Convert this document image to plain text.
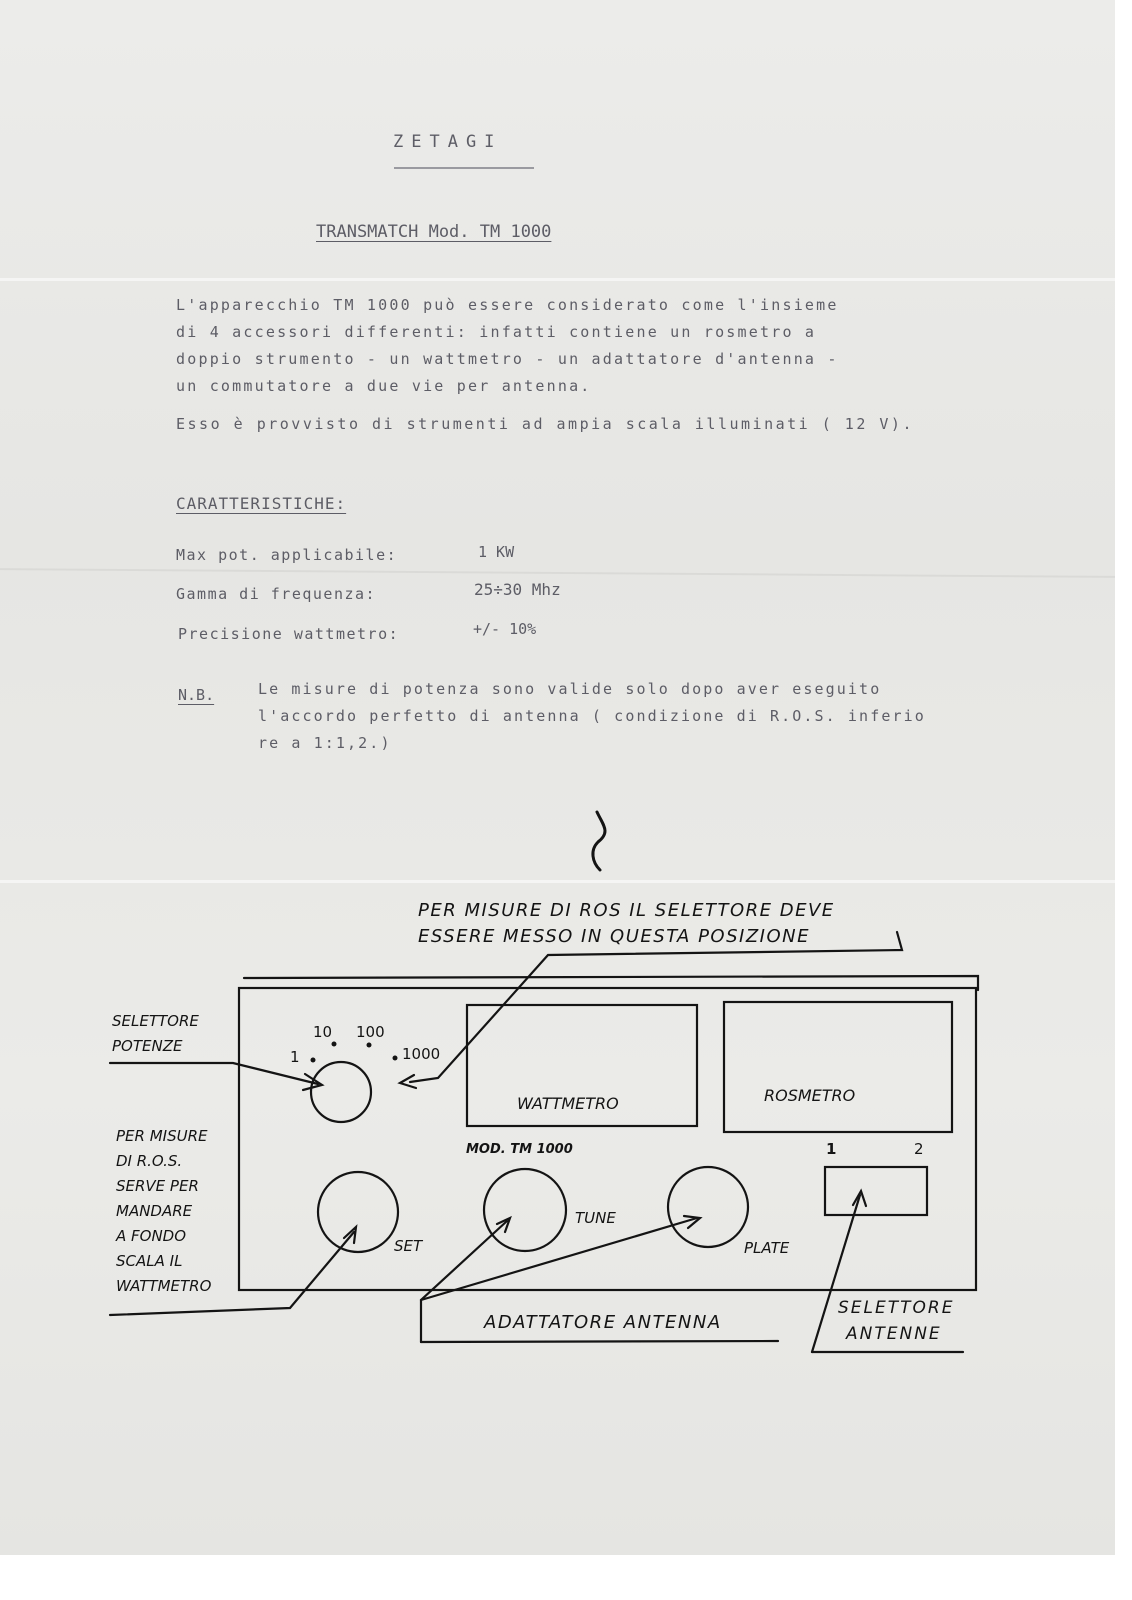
ZETAGI
TRANSMATCH Mod. TM 1000
L'apparecchio TM 1000 può essere considerato come l'insieme
di 4 accessori differenti: infatti contiene un rosmetro a
doppio strumento - un wattmetro - un adattatore d'antenna -
un commutatore a due vie per antenna.
Esso è provvisto di strumenti ad ampia scala illuminati ( 12 V).
CARATTERISTICHE:
Max pot. applicabile:	1 KW
Gamma di frequenza:	25÷30 Mhz
Precisione wattmetro:	+/- 10%
N.B.	Le misure di potenza sono valide solo dopo aver eseguito
l'accordo perfetto di antenna ( condizione di R.O.S. inferio
re a 1:1,2.)
PER MISURE DI ROS IL SELETTORE DEVE
ESSERE MESSO IN QUESTA POSIZIONE
SELETTORE
POTENZE
1
10 100
1000
WATTMETRO	ROSMETRO
MOD. TM 1000
PER MISURE
DI R.O.S.
SERVE PER
MANDARE
A FONDO
SCALA IL
WATTMETRO
SET
TUNE
PLATE
1	2
ADATTATORE ANTENNA
SELETTORE
ANTENNE
